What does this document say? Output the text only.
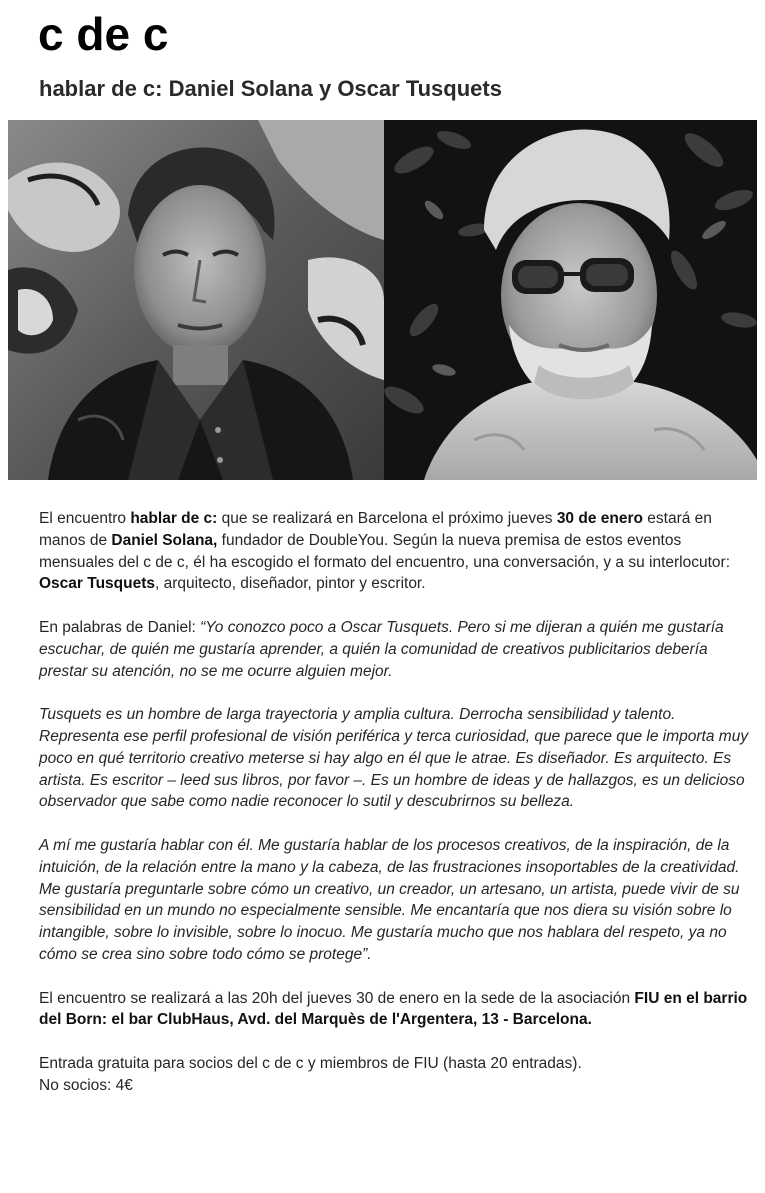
c de c
hablar de c: Daniel Solana y Oscar Tusquets

El encuentro hablar de c: que se realizará en Barcelona el próximo jueves 30 de enero estará en manos de Daniel Solana, fundador de DoubleYou. Según la nueva premisa de estos eventos mensuales del c de c, él ha escogido el formato del encuentro, una conversación, y a su interlocutor: Oscar Tusquets, arquitecto, diseñador, pintor y escritor.

En palabras de Daniel: “Yo conozco poco a Oscar Tusquets. Pero si me dijeran a quién me gustaría escuchar, de quién me gustaría aprender, a quién la comunidad de creativos publicitarios debería prestar su atención, no se me ocurre alguien mejor.

Tusquets es un hombre de larga trayectoria y amplia cultura. Derrocha sensibilidad y talento. Representa ese perfil profesional de visión periférica y terca curiosidad, que parece que le importa muy poco en qué territorio creativo meterse si hay algo en él que le atrae. Es diseñador. Es arquitecto. Es artista. Es escritor – leed sus libros, por favor –. Es un hombre de ideas y de hallazgos, es un delicioso observador que sabe como nadie reconocer lo sutil y descubrirnos su belleza.

A mí me gustaría hablar con él. Me gustaría hablar de los procesos creativos, de la inspiración, de la intuición, de la relación entre la mano y la cabeza, de las frustraciones insoportables de la creatividad. Me gustaría preguntarle sobre cómo un creativo, un creador, un artesano, un artista, puede vivir de su sensibilidad en un mundo no especialmente sensible. Me encantaría que nos diera su visión sobre lo intangible, sobre lo invisible, sobre lo inocuo. Me gustaría mucho que nos hablara del respeto, ya no cómo se crea sino sobre todo cómo se protege”.

El encuentro se realizará a las 20h del jueves 30 de enero en la sede de la asociación FIU en el barrio del Born: el bar ClubHaus, Avd. del Marquès de l'Argentera, 13 - Barcelona.

Entrada gratuita para socios del c de c y miembros de FIU (hasta 20 entradas).
No socios: 4€
